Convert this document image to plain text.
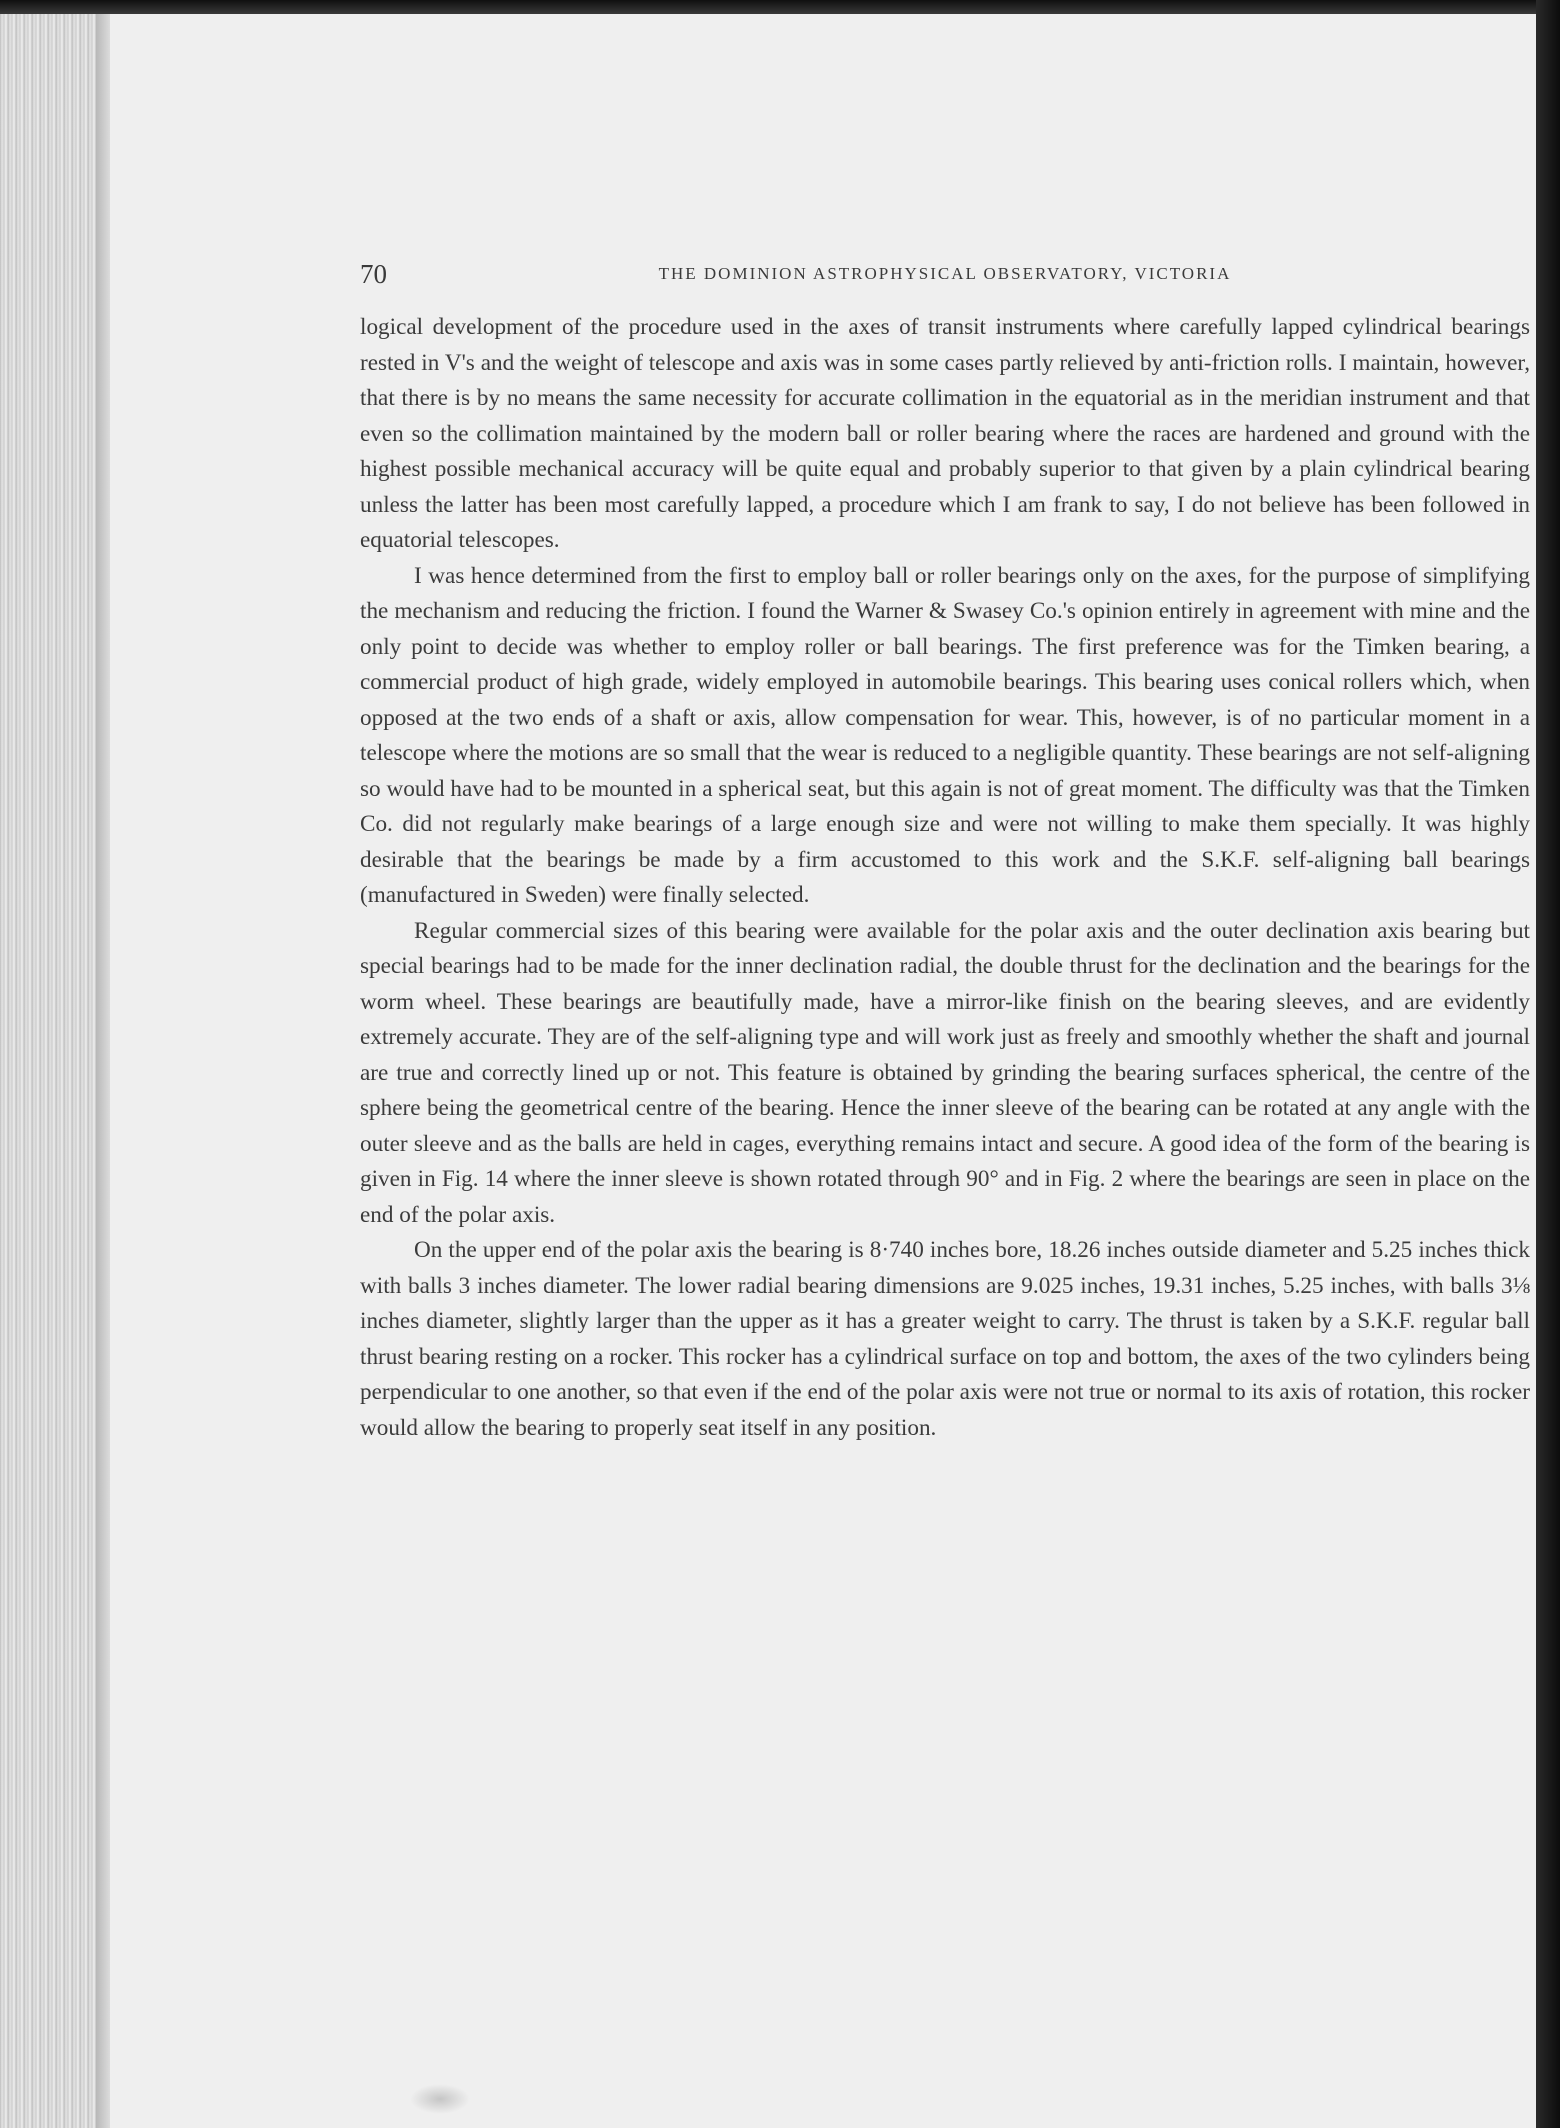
THE DOMINION ASTROPHYSICAL OBSERVATORY, VICTORIA
70

logical development of the procedure used in the axes of transit instruments where carefully lapped cylindrical bearings rested in V's and the weight of telescope and axis was in some cases partly relieved by anti-friction rolls. I maintain, however, that there is by no means the same necessity for accurate collimation in the equatorial as in the meridian instrument and that even so the collimation maintained by the modern ball or roller bearing where the races are hardened and ground with the highest possible mechanical accuracy will be quite equal and probably superior to that given by a plain cylindrical bearing unless the latter has been most carefully lapped, a procedure which I am frank to say, I do not believe has been followed in equatorial telescopes.

I was hence determined from the first to employ ball or roller bearings only on the axes, for the purpose of simplifying the mechanism and reducing the friction. I found the Warner & Swasey Co.'s opinion entirely in agreement with mine and the only point to decide was whether to employ roller or ball bearings. The first preference was for the Timken bearing, a commercial product of high grade, widely employed in automobile bearings. This bearing uses conical rollers which, when opposed at the two ends of a shaft or axis, allow compensation for wear. This, however, is of no particular moment in a telescope where the motions are so small that the wear is reduced to a negligible quantity. These bearings are not self-aligning so would have had to be mounted in a spherical seat, but this again is not of great moment. The difficulty was that the Timken Co. did not regularly make bearings of a large enough size and were not willing to make them specially. It was highly desirable that the bearings be made by a firm accustomed to this work and the S.K.F. self-aligning ball bearings (manufactured in Sweden) were finally selected.

Regular commercial sizes of this bearing were available for the polar axis and the outer declination axis bearing but special bearings had to be made for the inner declination radial, the double thrust for the declination and the bearings for the worm wheel. These bearings are beautifully made, have a mirror-like finish on the bearing sleeves, and are evidently extremely accurate. They are of the self-aligning type and will work just as freely and smoothly whether the shaft and journal are true and correctly lined up or not. This feature is obtained by grinding the bearing surfaces spherical, the centre of the sphere being the geometrical centre of the bearing. Hence the inner sleeve of the bearing can be rotated at any angle with the outer sleeve and as the balls are held in cages, everything remains intact and secure. A good idea of the form of the bearing is given in Fig. 14 where the inner sleeve is shown rotated through 90° and in Fig. 2 where the bearings are seen in place on the end of the polar axis.

On the upper end of the polar axis the bearing is 8·740 inches bore, 18.26 inches outside diameter and 5.25 inches thick with balls 3 inches diameter. The lower radial bearing dimensions are 9.025 inches, 19.31 inches, 5.25 inches, with balls 3⅛ inches diameter, slightly larger than the upper as it has a greater weight to carry. The thrust is taken by a S.K.F. regular ball thrust bearing resting on a rocker. This rocker has a cylindrical surface on top and bottom, the axes of the two cylinders being perpendicular to one another, so that even if the end of the polar axis were not true or normal to its axis of rotation, this rocker would allow the bearing to properly seat itself in any position.
